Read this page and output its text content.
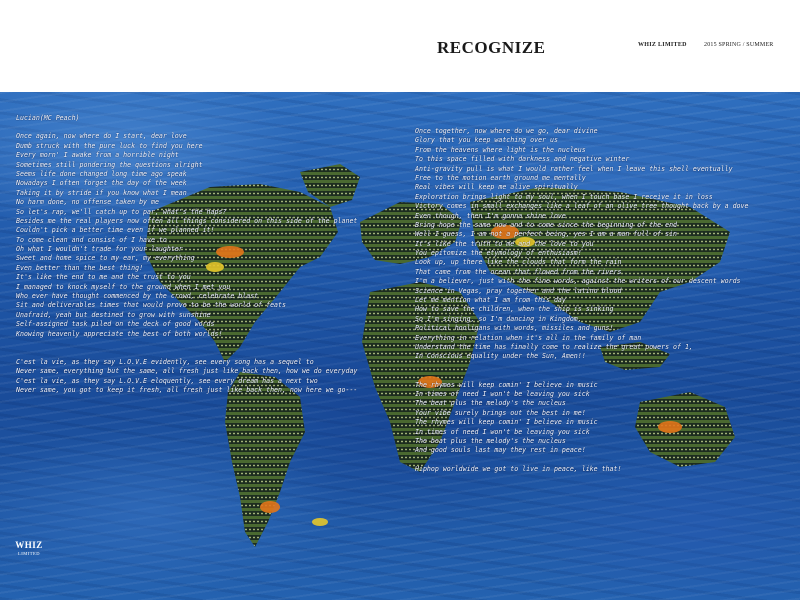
RECOGNIZE	WHIZ LIMITED	2015 SPRING / SUMMER
Lucian(MC Peach)
Once again, now where do I start, dear love
Dumb struck with the pure luck to find you here
Every morn' I awake from a horrible night
Sometimes still pondering the questions alright
Seems life done changed long time ago speak
Nowadays I often forget the day of the week
Taking it by stride if you know what I mean
No harm done, no offense taken by me
So let's rap, we'll catch up to par, what's the haps?
Besides me the real players now often all things considered on this side of the planet
Couldn't pick a better time even if we planned it!
To come clean and consist of I have to
Oh what I wouldn't trade for your laughter
Sweet and home spice to my ear, my everything
Even better than the best thing!
It's like the end to me and the trust to you
I managed to knock myself to the ground when I met you
Who ever have thought commenced by the crowd, celebrate blast
Sit and deliverables times that would prove to be the world of feats
Unafraid, yeah but destined to grow with sunshine
Self-assigned task piled on the deck of good words
Knowing heavenly appreciate the best of both worlds!
C'est la vie, as they say L.O.V.E evidently, see every song has a sequel to
Never same, everything but the same, all fresh just like back then, how we do everyday
C'est la vie, as they say L.O.V.E eloquently, see every dream has a next two
Never same, you got to keep it fresh, all fresh just like back then, now here we go---
Once together, now where do we go, dear divine
Glory that you keep watching over us
From the heavens where light is the nucleus
To this space filled with darkness and negative winter
Anti-gravity pull is what I would rather feel when I leave this shell eventually
Free to the motion earth ground me mentally
Real vibes will keep me alive spiritually
Exploration brings light to my soul, when I touch base I receive it in loss
Victory comes in small exchanges like a leaf of an olive tree thought back by a dove
Even though, then I'm gonna shine love
Bring hope the same now and to come since the beginning of the end
Well I guess, I am not a perfect being, yes I am a man full of sin
It's like the truth to me and the love to you
You epitomize the etymology of enthusiasm!
Look up, up there like the clouds that form the rain
That came from the ocean that flowed from the rivers
I'm a believer, just with the fine words, against the writers of our descent words
Science in Vegas, pray together and the latino blood
Let me mention what I am from this day
How to save the children, when the ship is sinking
So I'm singing, so I'm dancing in Kingdom,
Political hooligans with words, missiles and guns!
Everything in relation when it's all in the family of man
Understand the time has finally come to realize the great powers of 1,
In Conscious equality under the Sun, Amen!!
The rhymes will keep comin' I believe in music
In times of need I won't be leaving you sick
The beat plus the melody's the nucleus
Your vibe surely brings out the best in me!
The rhymes will keep comin' I believe in music
In times of need I won't be leaving you sick
The beat plus the melody's the nucleus
And good souls last may they rest in peace!
Hiphop worldwide we got to live in peace, like that!
WHIZ
LIMITED
